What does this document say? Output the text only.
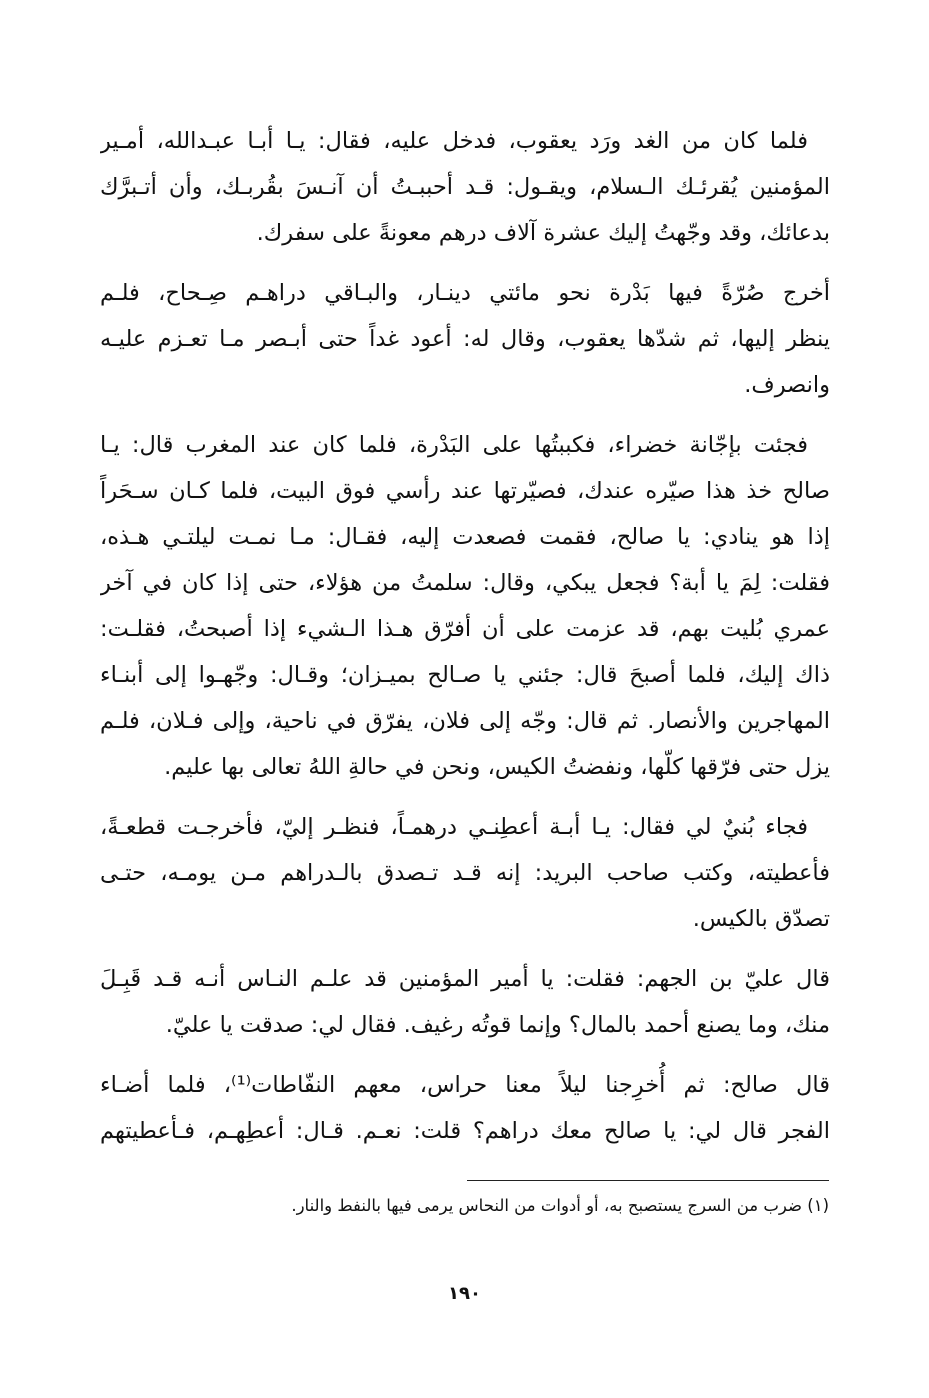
فلما كان من الغد ورَد يعقوب، فدخل عليه، فقال: يـا أبـا عبـدالله، أمـير
المؤمنين يُقرئـك الـسلام، ويقـول: قـد أحببـتُ أن آنـسَ بقُربـك، وأن أتـبرَّك
بدعائك، وقد وجّهتُ إليك عشرة آلاف درهم معونةً على سفرك.

أخرج صُرّةً فيها بَدْرة نحو مائتي دينـار، والبـاقي دراهـم صِـحاح، فلـم
ينظر إليها، ثم شدّها يعقوب، وقال له: أعود غداً حتى أبـصر مـا تعـزم عليـه
وانصرف.

فجئت بإجّانة خضراء، فكببتُها على البَدْرة، فلما كان عند المغرب قال: يـا
صالح خذ هذا صيّره عندك، فصيّرتها عند رأسي فوق البيت، فلما كـان سـحَراً
إذا هو ينادي: يا صالح، فقمت فصعدت إليه، فقـال: مـا نمـت ليلتـي هـذه،
فقلت: لِمَ يا أبة؟ فجعل يبكي، وقال: سلمتُ من هؤلاء، حتى إذا كان في آخر
عمري بُليت بهم، قد عزمت على أن أفرّق هـذا الـشيء إذا أصبحتُ، فقلـت:
ذاك إليك، فلما أصبحَ قال: جئني يا صـالح بميـزان؛ وقـال: وجّهـوا إلى أبنـاء
المهاجرين والأنصار. ثم قال: وجّه إلى فلان، يفرّق في ناحية، وإلى فـلان، فلـم
يزل حتى فرّقها كلّها، ونفضتُ الكيس، ونحن في حالةِ اللهُ تعالى بها عليم.

فجاء بُنيٌ لي فقال: يـا أبـة أعطِنـي درهمـاً، فنظـر إليّ، فأخرجـت قطعـةً،
فأعطيته، وكتب صاحب البريد: إنه قـد تـصدق بالـدراهم مـن يومـه، حتـى
تصدّق بالكيس.

قال عليّ بن الجهم: فقلت: يا أمير المؤمنين قد علـم النـاس أنـه قـد قَبِـلَ
منك، وما يصنع أحمد بالمال؟ وإنما قوتُه رغيف. فقال لي: صدقت يا عليّ.

قال صالح: ثم أُخرِجنا ليلاً معنا حراس، معهم النفّاطات⁽¹⁾، فلما أضـاء
الفجر قال لي: يا صالح معك دراهم؟ قلت: نعـم. قـال: أعطِهـم، فـأعطيتهم

(١) ضرب من السرج يستصبح به، أو أدوات من النحاس يرمى فيها بالنفط والنار.
١٩٠
